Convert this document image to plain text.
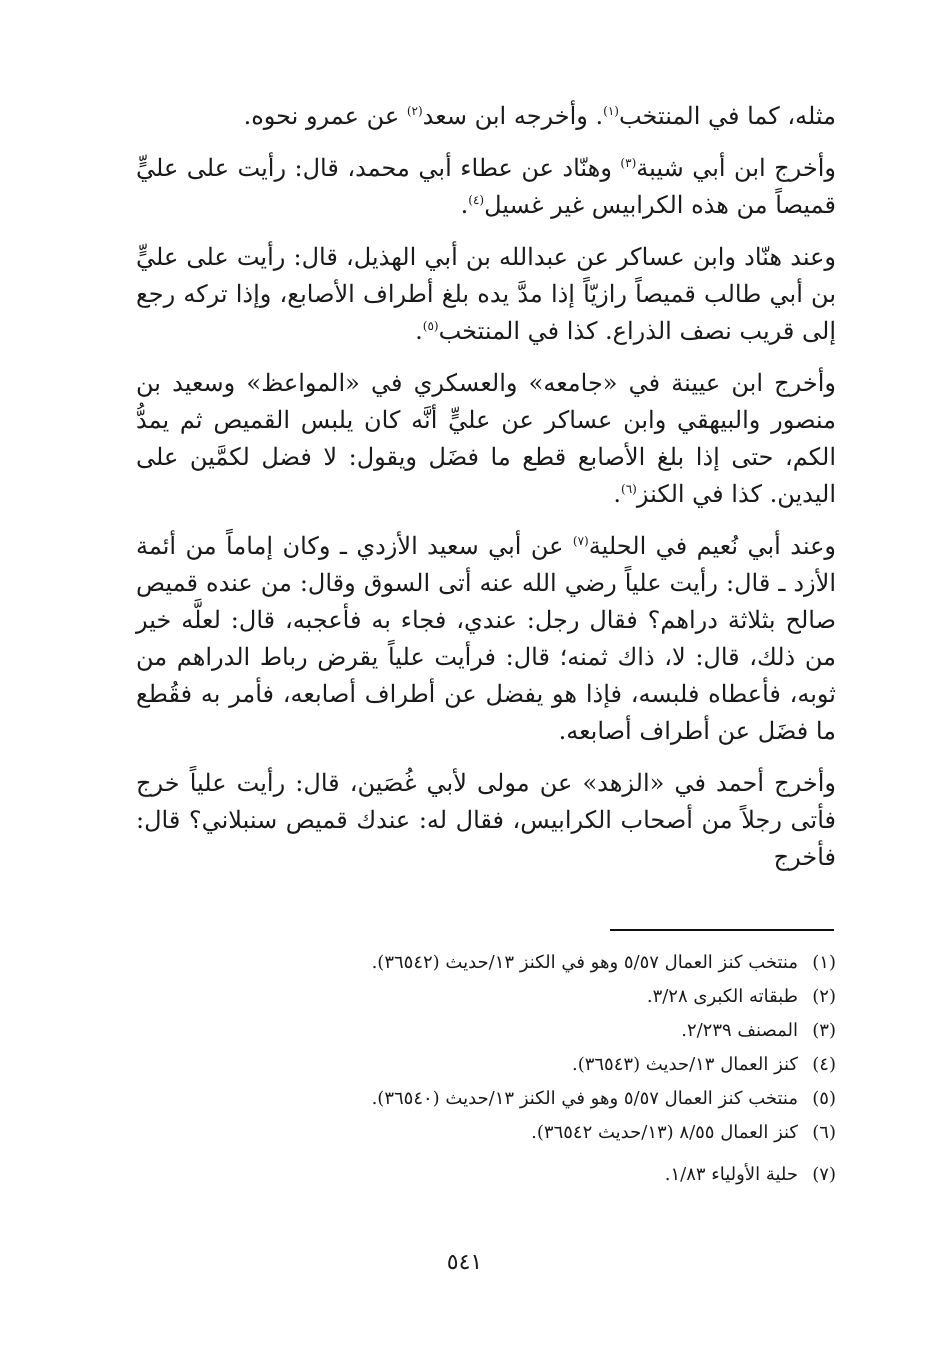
مثله، كما في المنتخب$^{(١)}$. وأخرجه ابن سعد$^{(٢)}$ عن عمرو نحوه.

وأخرج ابن أبي شيبة$^{(٣)}$ وهنّاد عن عطاء أبي محمد، قال: رأيت على عليٍّ قميصاً من هذه الكرابيس غير غسيل$^{(٤)}$.

وعند هنّاد وابن عساكر عن عبدالله بن أبي الهذيل، قال: رأيت على عليٍّ بن أبي طالب قميصاً رازيّاً إذا مدَّ يده بلغ أطراف الأصابع، وإذا تركه رجع إلى قريب نصف الذراع. كذا في المنتخب$^{(٥)}$.

وأخرج ابن عيينة في «جامعه» والعسكري في «المواعظ» وسعيد بن منصور والبيهقي وابن عساكر عن عليٍّ أنَّه كان يلبس القميص ثم يمدُّ الكم، حتى إذا بلغ الأصابع قطع ما فضَل ويقول: لا فضل لكمَّين على اليدين. كذا في الكنز$^{(٦)}$.

وعند أبي نُعيم في الحلية$^{(٧)}$ عن أبي سعيد الأزدي ـ وكان إماماً من أئمة الأزد ـ قال: رأيت علياً رضي الله عنه أتى السوق وقال: من عنده قميص صالح بثلاثة دراهم؟ فقال رجل: عندي، فجاء به فأعجبه، قال: لعلَّه خير من ذلك، قال: لا، ذاك ثمنه؛ قال: فرأيت علياً يقرض رباط الدراهم من ثوبه، فأعطاه فلبسه، فإذا هو يفضل عن أطراف أصابعه، فأمر به فقُطع ما فضَل عن أطراف أصابعه.

وأخرج أحمد في «الزهد» عن مولى لأبي غُصَين، قال: رأيت علياً خرج فأتى رجلاً من أصحاب الكرابيس، فقال له: عندك قميص سنبلاني؟ قال: فأخرج

(١)
منتخب كنز العمال ٥/٥٧ وهو في الكنز ١٣/حديث (٣٦٥٤٢).
(٢)
طبقاته الكبرى ٣/٢٨.
(٣)
المصنف ٢/٢٣٩.
(٤)
كنز العمال ١٣/حديث (٣٦٥٤٣).
(٥)
منتخب كنز العمال ٥/٥٧ وهو في الكنز ١٣/حديث (٣٦٥٤٠).
(٦)
كنز العمال ٨/٥٥ (١٣/حديث ٣٦٥٤٢).
(٧)
حلية الأولياء ١/٨٣.
٥٤١
